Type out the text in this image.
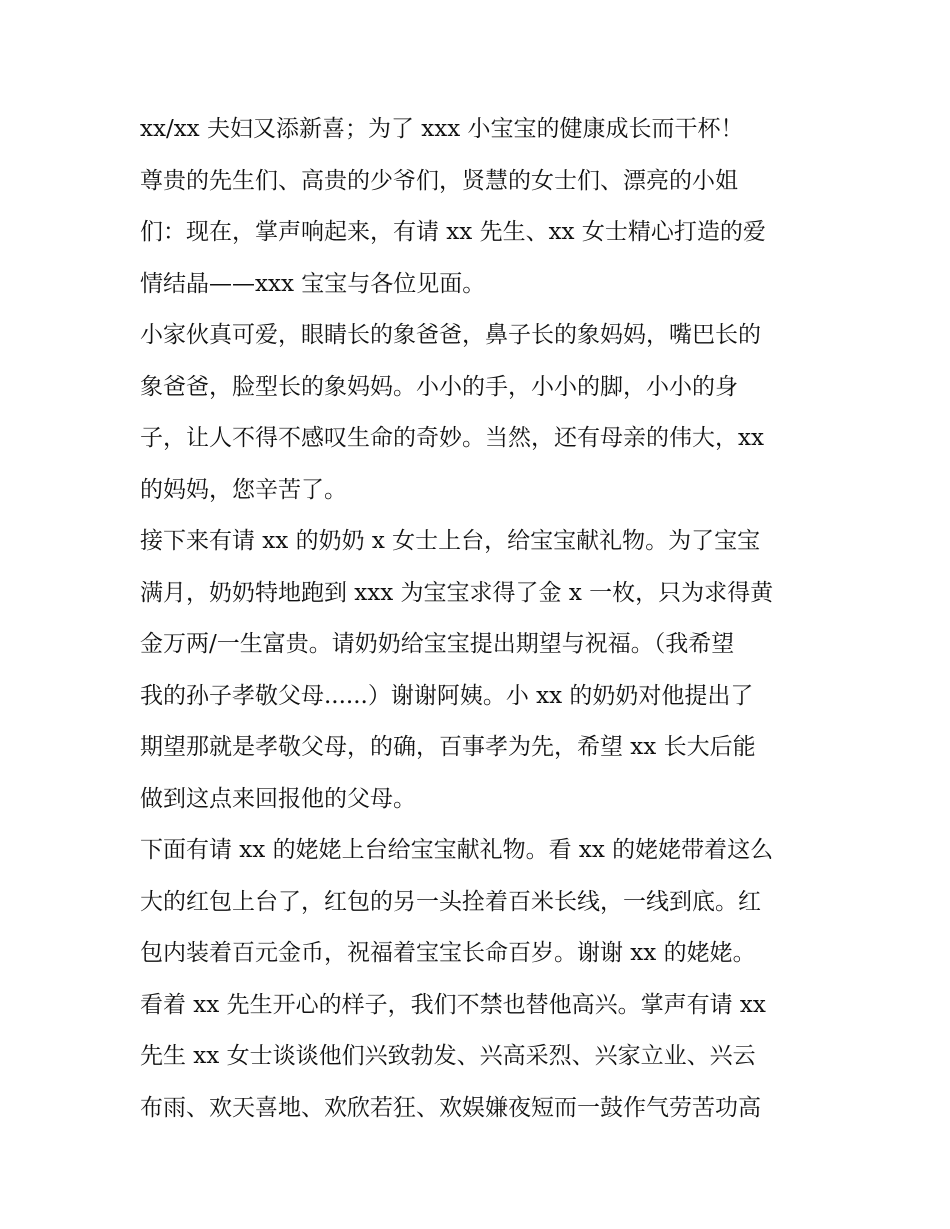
xx/xx 夫妇又添新喜；为了 xxx 小宝宝的健康成长而干杯！
尊贵的先生们、高贵的少爷们，贤慧的女士们、漂亮的小姐
们：现在，掌声响起来，有请 xx 先生、xx 女士精心打造的爱
情结晶——xxx 宝宝与各位见面。
小家伙真可爱，眼睛长的象爸爸，鼻子长的象妈妈，嘴巴长的
象爸爸，脸型长的象妈妈。小小的手，小小的脚，小小的身
子，让人不得不感叹生命的奇妙。当然，还有母亲的伟大，xx
的妈妈，您辛苦了。
接下来有请 xx 的奶奶 x 女士上台，给宝宝献礼物。为了宝宝
满月，奶奶特地跑到 xxx 为宝宝求得了金 x 一枚，只为求得黄
金万两/一生富贵。请奶奶给宝宝提出期望与祝福。（我希望
我的孙子孝敬父母......）谢谢阿姨。小 xx 的奶奶对他提出了
期望那就是孝敬父母，的确，百事孝为先，希望 xx 长大后能
做到这点来回报他的父母。
下面有请 xx 的姥姥上台给宝宝献礼物。看 xx 的姥姥带着这么
大的红包上台了，红包的另一头拴着百米长线，一线到底。红
包内装着百元金币，祝福着宝宝长命百岁。谢谢 xx 的姥姥。
看着 xx 先生开心的样子，我们不禁也替他高兴。掌声有请 xx
先生 xx 女士谈谈他们兴致勃发、兴高采烈、兴家立业、兴云
布雨、欢天喜地、欢欣若狂、欢娱嫌夜短而一鼓作气劳苦功高
